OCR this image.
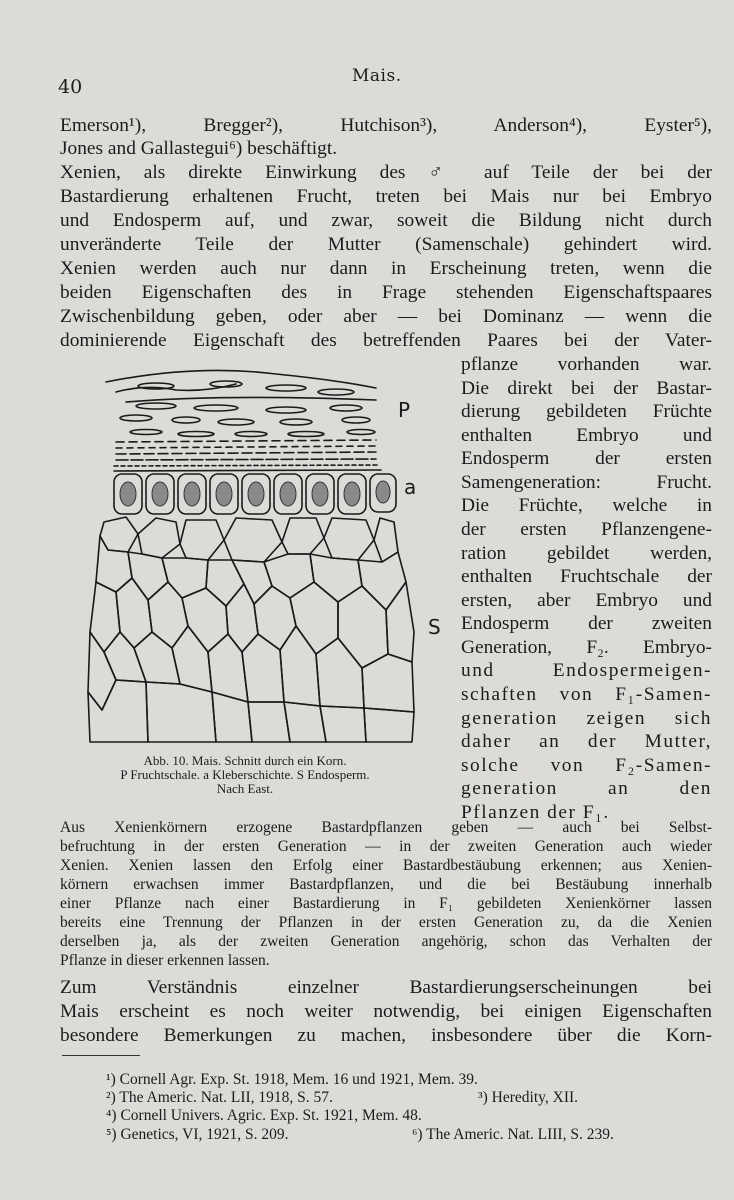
40	Mais.
Emerson¹), Bregger²), Hutchison³), Anderson⁴), Eyster⁵),
Jones and Gallastegui⁶) beschäftigt.
Xenien, als direkte Einwirkung des ♂ auf Teile der bei der
Bastardierung erhaltenen Frucht, treten bei Mais nur bei Embryo
und Endosperm auf, und zwar, soweit die Bildung nicht durch
unveränderte Teile der Mutter (Samenschale) gehindert wird.
Xenien werden auch nur dann in Erscheinung treten, wenn die
beiden Eigenschaften des in Frage stehenden Eigenschaftspaares
Zwischenbildung geben, oder aber — bei Dominanz — wenn die
dominierende Eigenschaft des betreffenden Paares bei der Vater-
pflanze vorhanden war.
Die direkt bei der Bastar-
dierung gebildeten Früchte
enthalten Embryo und
Endosperm der ersten
Samengeneration: Frucht.
Die Früchte, welche in
der ersten Pflanzengene-
ration gebildet werden,
enthalten Fruchtschale der
ersten, aber Embryo und
Endosperm der zweiten
Generation, F₂. Embryo-
und Endospermeigen-
schaften von F₁-Samen-
generation zeigen sich
daher an der Mutter,
solche von F₂-Samen-
generation an den
Pflanzen der F₁.
P
a
S
Abb. 10. Mais. Schnitt durch ein Korn.
P Fruchtschale. a Kleberschichte. S Endosperm.
Nach East.
Aus Xenienkörnern erzogene Bastardpflanzen geben — auch bei Selbst-
befruchtung in der ersten Generation — in der zweiten Generation auch wieder
Xenien. Xenien lassen den Erfolg einer Bastardbestäubung erkennen; aus Xenien-
körnern erwachsen immer Bastardpflanzen, und die bei Bestäubung innerhalb
einer Pflanze nach einer Bastardierung in F₁ gebildeten Xenienkörner lassen
bereits eine Trennung der Pflanzen in der ersten Generation zu, da die Xenien
derselben ja, als der zweiten Generation angehörig, schon das Verhalten der
Pflanze in dieser erkennen lassen.
Zum Verständnis einzelner Bastardierungserscheinungen bei
Mais erscheint es noch weiter notwendig, bei einigen Eigenschaften
besondere Bemerkungen zu machen, insbesondere über die Korn-
¹) Cornell Agr. Exp. St. 1918, Mem. 16 und 1921, Mem. 39.
²) The Americ. Nat. LII, 1918, S. 57.	³) Heredity, XII.
⁴) Cornell Univers. Agric. Exp. St. 1921, Mem. 48.
⁵) Genetics, VI, 1921, S. 209.	⁶) The Americ. Nat. LIII, S. 239.
